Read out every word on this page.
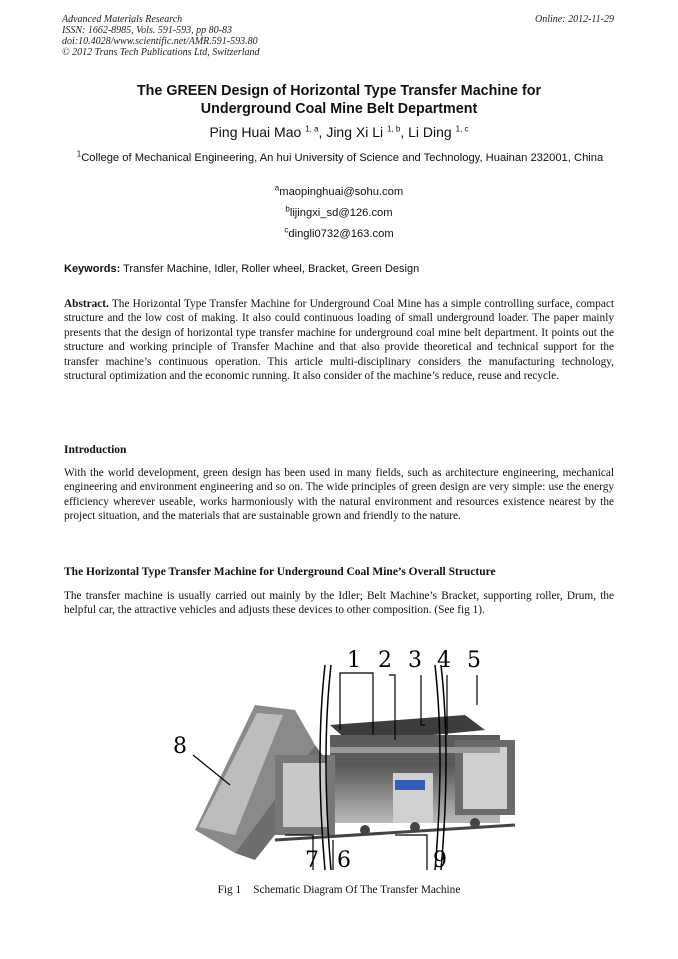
Advanced Materials Research
ISSN: 1662-8985, Vols. 591-593, pp 80-83
doi:10.4028/www.scientific.net/AMR.591-593.80
© 2012 Trans Tech Publications Ltd, Switzerland
Online: 2012-11-29
The GREEN Design of Horizontal Type Transfer Machine for
Underground Coal Mine Belt Department
Ping Huai Mao $^{1, a}$, Jing Xi Li $^{1, b}$, Li Ding $^{1, c}$
$^1$College of Mechanical Engineering, An hui University of Science and Technology, Huainan 232001, China
$^a$maopinghuai@sohu.com
$^b$lijingxi_sd@126.com
$^c$dingli0732@163.com
Keywords: Transfer Machine, Idler, Roller wheel, Bracket, Green Design
Abstract. The Horizontal Type Transfer Machine for Underground Coal Mine has a simple controlling surface, compact structure and the low cost of making. It also could continuous loading of small underground loader. The paper mainly presents that the design of horizontal type transfer machine for underground coal mine belt department. It points out the structure and working principle of Transfer Machine and that also provide theoretical and technical support for the transfer machine’s continuous operation. This article multi-disciplinary considers the manufacturing technology, structural optimization and the economic running. It also consider of the machine’s reduce, reuse and recycle.
Introduction
With the world development, green design has been used in many fields, such as architecture engineering, mechanical engineering and environment engineering and so on. The wide principles of green design are very simple: use the energy efficiency wherever useable, works harmoniously with the natural environment and resources existence nearest by the project situation, and the materials that are sustainable grown and friendly to the nature.
The Horizontal Type Transfer Machine for Underground Coal Mine’s Overall Structure
The transfer machine is usually carried out mainly by the Idler; Belt Machine’s Bracket, supporting roller, Drum, the helpful car, the attractive vehicles and adjusts these devices to other composition. (See fig 1).
1 2 3 4 5
6
7
8
9
Fig 1 Schematic Diagram Of The Transfer Machine
